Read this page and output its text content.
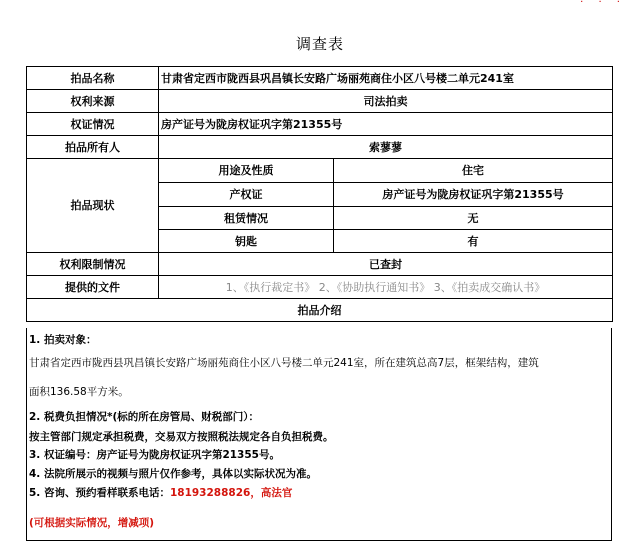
· · ·
调查表
拍品名称	甘肃省定西市陇西县巩昌镇长安路广场丽苑商住小区八号楼二单元241室	
权利来源	司法拍卖	
权证情况	房产证号为陇房权证巩字第21355号	
拍品所有人	索蓼蓼	
拍品现状	用途及性质	住宅
	产权证	房产证号为陇房权证巩字第21355号
	租赁情况	无
	钥匙	有
权利限制情况	已查封	
提供的文件	1、《执行裁定书》 2、《协助执行通知书》 3、《拍卖成交确认书》	
拍品介绍		

1. 拍卖对象：

甘肃省定西市陇西县巩昌镇长安路广场丽苑商住小区八号楼二单元241室，所在建筑总高7层，框架结构，建筑

面积136.58平方米。

2. 税费负担情况*(标的所在房管局、财税部门）：

按主管部门规定承担税费，交易双方按照税法规定各自负担税费。

3. 权证编号：房产证号为陇房权证巩字第21355号。

4. 法院所展示的视频与照片仅作参考，具体以实际状况为准。

5. 咨询、预约看样联系电话：18193288826，高法官

(可根据实际情况，增减项)
